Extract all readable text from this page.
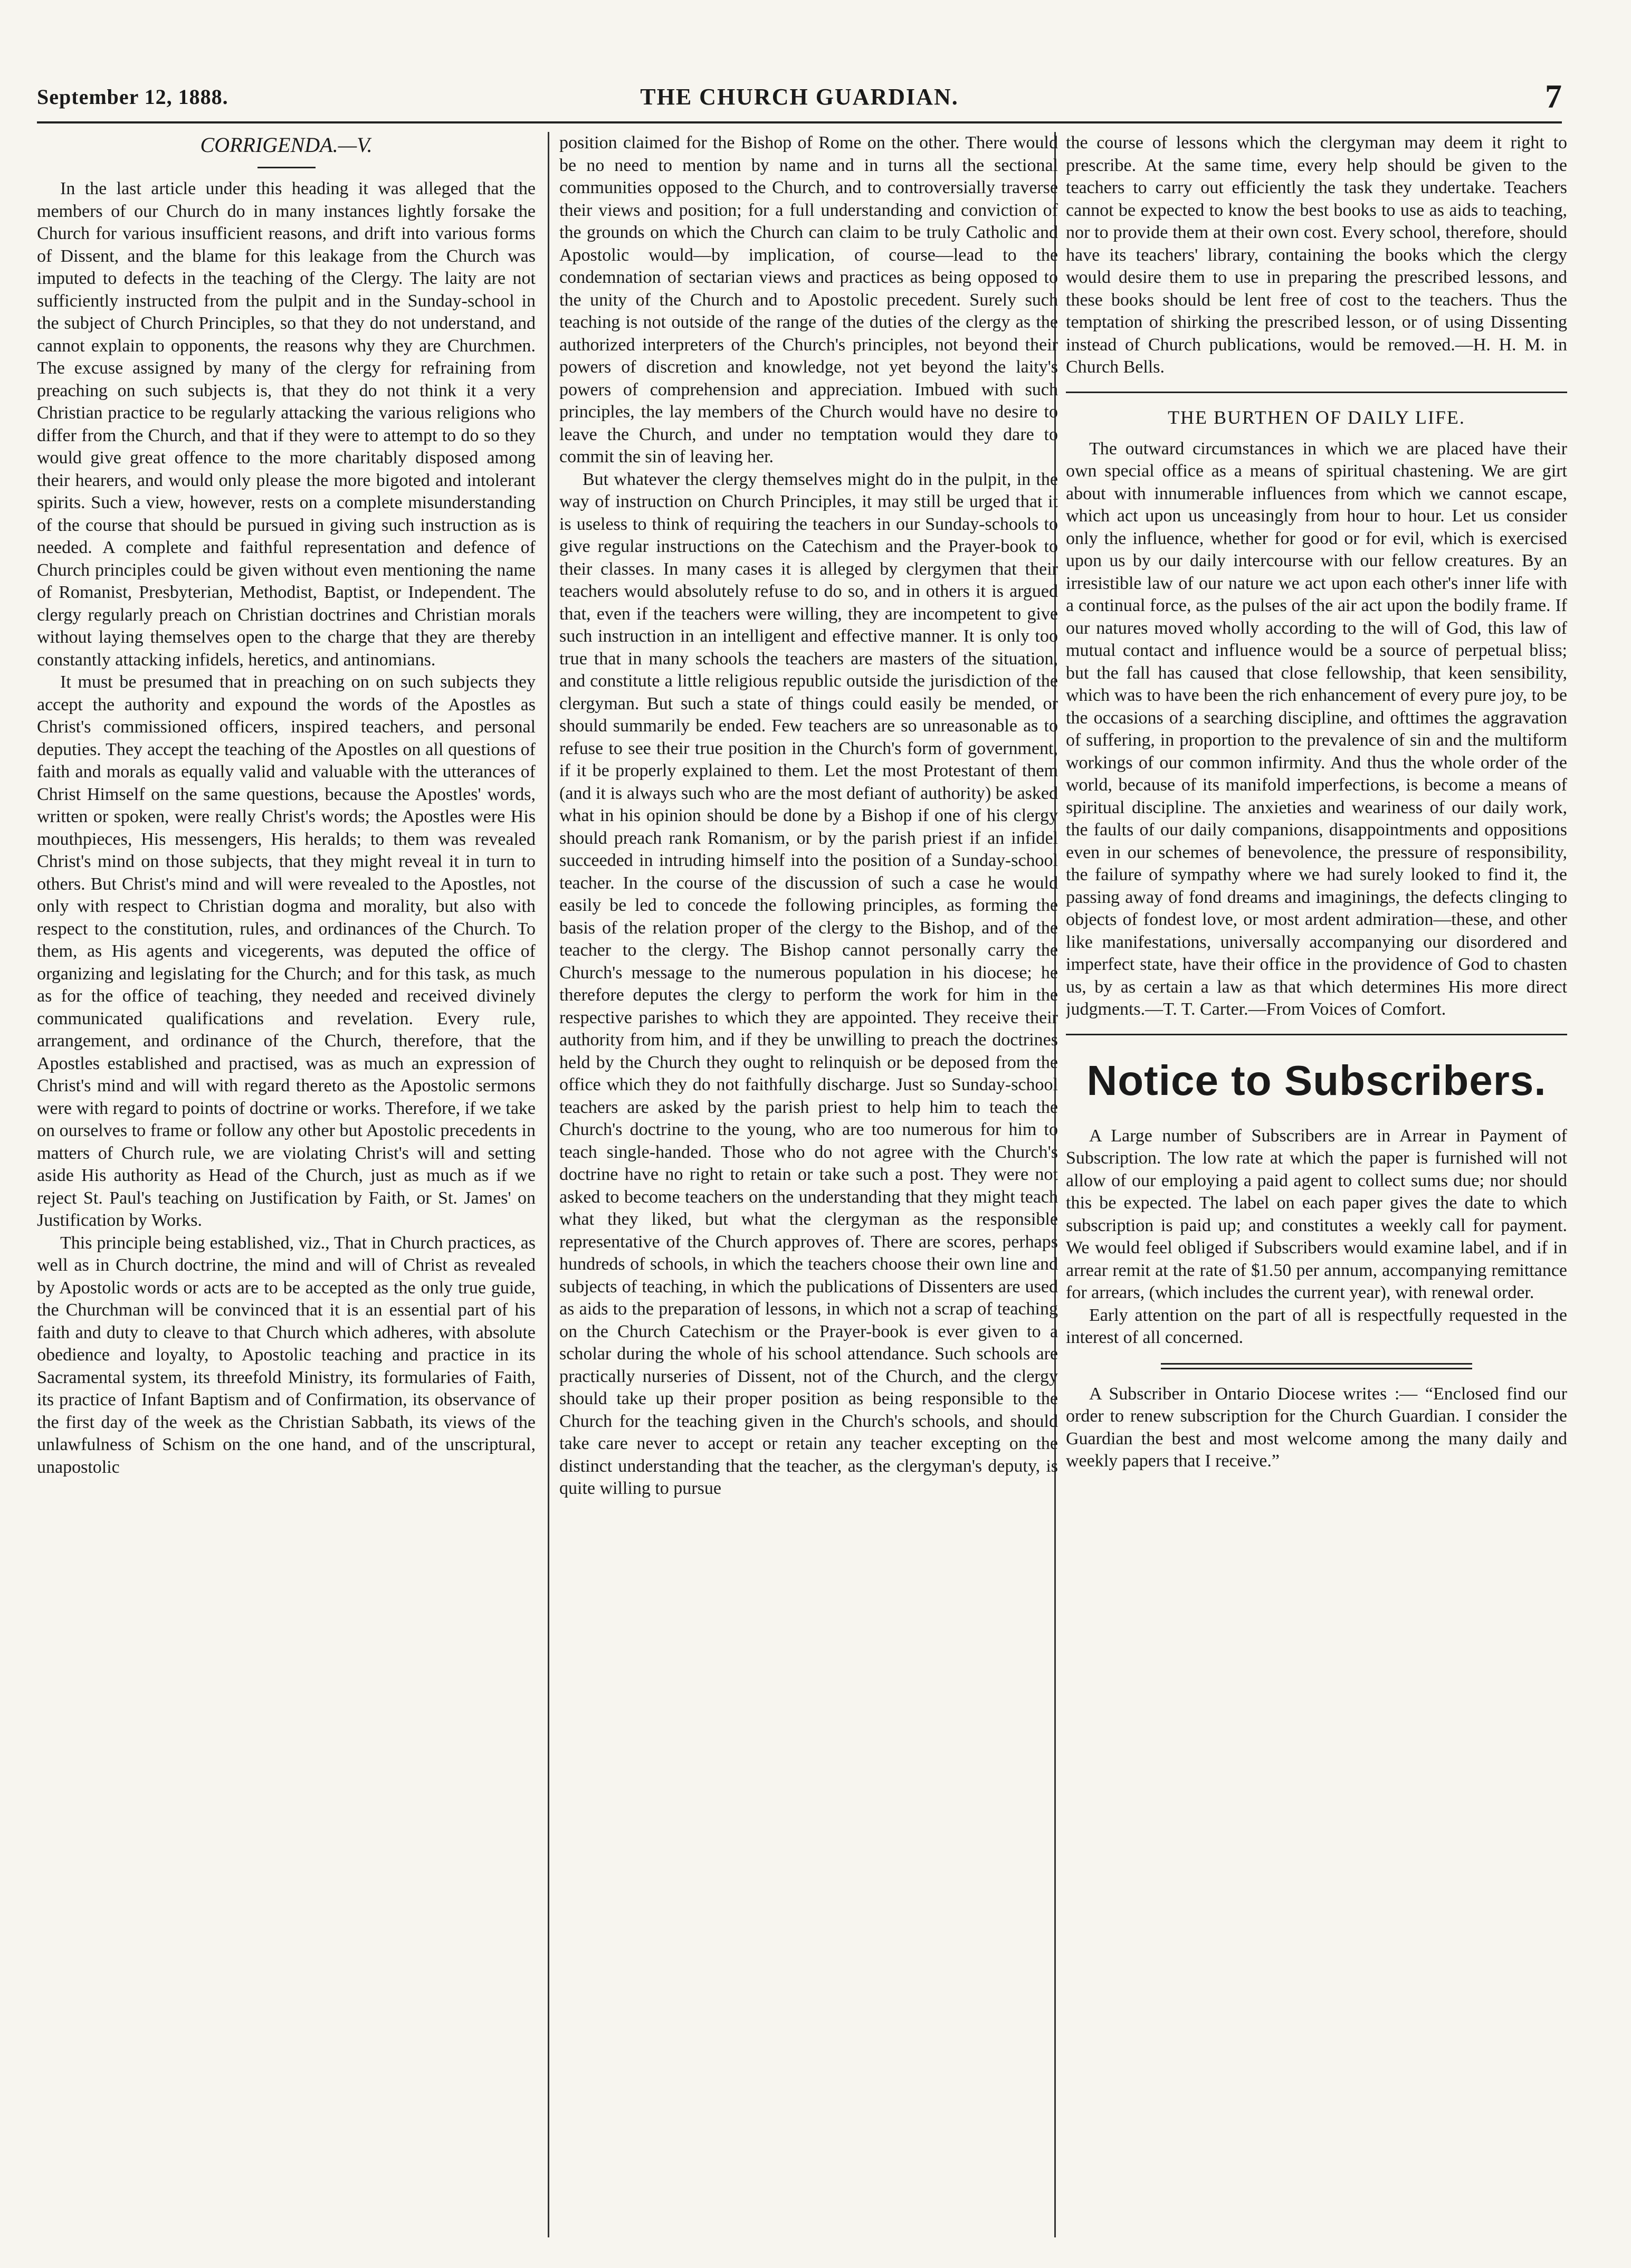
September 12, 1888.	THE CHURCH GUARDIAN.	7
CORRIGENDA.—V.

In the last article under this heading it was alleged that the members of our Church do in many instances lightly forsake the Church for various insufficient reasons, and drift into various forms of Dissent, and the blame for this leakage from the Church was imputed to defects in the teaching of the Clergy. The laity are not sufficiently instructed from the pulpit and in the Sunday-school in the subject of Church Principles, so that they do not understand, and cannot explain to opponents, the reasons why they are Churchmen. The excuse assigned by many of the clergy for refraining from preaching on such subjects is, that they do not think it a very Christian practice to be regularly attacking the various religions who differ from the Church, and that if they were to attempt to do so they would give great offence to the more charitably disposed among their hearers, and would only please the more bigoted and intolerant spirits. Such a view, however, rests on a complete misunderstanding of the course that should be pursued in giving such instruction as is needed. A complete and faithful representation and defence of Church principles could be given without even mentioning the name of Romanist, Presbyterian, Methodist, Baptist, or Independent. The clergy regularly preach on Christian doctrines and Christian morals without laying themselves open to the charge that they are thereby constantly attacking infidels, heretics, and antinomians.

It must be presumed that in preaching on on such subjects they accept the authority and expound the words of the Apostles as Christ's commissioned officers, inspired teachers, and personal deputies. They accept the teaching of the Apostles on all questions of faith and morals as equally valid and valuable with the utterances of Christ Himself on the same questions, because the Apostles' words, written or spoken, were really Christ's words; the Apostles were His mouthpieces, His messengers, His heralds; to them was revealed Christ's mind on those subjects, that they might reveal it in turn to others. But Christ's mind and will were revealed to the Apostles, not only with respect to Christian dogma and morality, but also with respect to the constitution, rules, and ordinances of the Church. To them, as His agents and vicegerents, was deputed the office of organizing and legislating for the Church; and for this task, as much as for the office of teaching, they needed and received divinely communicated qualifications and revelation. Every rule, arrangement, and ordinance of the Church, therefore, that the Apostles established and practised, was as much an expression of Christ's mind and will with regard thereto as the Apostolic sermons were with regard to points of doctrine or works. Therefore, if we take on ourselves to frame or follow any other but Apostolic precedents in matters of Church rule, we are violating Christ's will and setting aside His authority as Head of the Church, just as much as if we reject St. Paul's teaching on Justification by Faith, or St. James' on Justification by Works.

This principle being established, viz., That in Church practices, as well as in Church doctrine, the mind and will of Christ as revealed by Apostolic words or acts are to be accepted as the only true guide, the Churchman will be convinced that it is an essential part of his faith and duty to cleave to that Church which adheres, with absolute obedience and loyalty, to Apostolic teaching and practice in its Sacramental system, its threefold Ministry, its formularies of Faith, its practice of Infant Baptism and of Confirmation, its observance of the first day of the week as the Christian Sabbath, its views of the unlawfulness of Schism on the one hand, and of the unscriptural, unapostolic

position claimed for the Bishop of Rome on the other. There would be no need to mention by name and in turns all the sectional communities opposed to the Church, and to controversially traverse their views and position; for a full understanding and conviction of the grounds on which the Church can claim to be truly Catholic and Apostolic would—by implication, of course—lead to the condemnation of sectarian views and practices as being opposed to the unity of the Church and to Apostolic precedent. Surely such teaching is not outside of the range of the duties of the clergy as the authorized interpreters of the Church's principles, not beyond their powers of discretion and knowledge, not yet beyond the laity's powers of comprehension and appreciation. Imbued with such principles, the lay members of the Church would have no desire to leave the Church, and under no temptation would they dare to commit the sin of leaving her.

But whatever the clergy themselves might do in the pulpit, in the way of instruction on Church Principles, it may still be urged that it is useless to think of requiring the teachers in our Sunday-schools to give regular instructions on the Catechism and the Prayer-book to their classes. In many cases it is alleged by clergymen that their teachers would absolutely refuse to do so, and in others it is argued that, even if the teachers were willing, they are incompetent to give such instruction in an intelligent and effective manner. It is only too true that in many schools the teachers are masters of the situation, and constitute a little religious republic outside the jurisdiction of the clergyman. But such a state of things could easily be mended, or should summarily be ended. Few teachers are so unreasonable as to refuse to see their true position in the Church's form of government, if it be properly explained to them. Let the most Protestant of them (and it is always such who are the most defiant of authority) be asked what in his opinion should be done by a Bishop if one of his clergy should preach rank Romanism, or by the parish priest if an infidel succeeded in intruding himself into the position of a Sunday-school teacher. In the course of the discussion of such a case he would easily be led to concede the following principles, as forming the basis of the relation proper of the clergy to the Bishop, and of the teacher to the clergy. The Bishop cannot personally carry the Church's message to the numerous population in his diocese; he therefore deputes the clergy to perform the work for him in the respective parishes to which they are appointed. They receive their authority from him, and if they be unwilling to preach the doctrines held by the Church they ought to relinquish or be deposed from the office which they do not faithfully discharge. Just so Sunday-school teachers are asked by the parish priest to help him to teach the Church's doctrine to the young, who are too numerous for him to teach single-handed. Those who do not agree with the Church's doctrine have no right to retain or take such a post. They were not asked to become teachers on the understanding that they might teach what they liked, but what the clergyman as the responsible representative of the Church approves of. There are scores, perhaps hundreds of schools, in which the teachers choose their own line and subjects of teaching, in which the publications of Dissenters are used as aids to the preparation of lessons, in which not a scrap of teaching on the Church Catechism or the Prayer-book is ever given to a scholar during the whole of his school attendance. Such schools are practically nurseries of Dissent, not of the Church, and the clergy should take up their proper position as being responsible to the Church for the teaching given in the Church's schools, and should take care never to accept or retain any teacher excepting on the distinct understanding that the teacher, as the clergyman's deputy, is quite willing to pursue

the course of lessons which the clergyman may deem it right to prescribe. At the same time, every help should be given to the teachers to carry out efficiently the task they undertake. Teachers cannot be expected to know the best books to use as aids to teaching, nor to provide them at their own cost. Every school, therefore, should have its teachers' library, containing the books which the clergy would desire them to use in preparing the prescribed lessons, and these books should be lent free of cost to the teachers. Thus the temptation of shirking the prescribed lesson, or of using Dissenting instead of Church publications, would be removed.—H. H. M. in Church Bells.

THE BURTHEN OF DAILY LIFE.

The outward circumstances in which we are placed have their own special office as a means of spiritual chastening. We are girt about with innumerable influences from which we cannot escape, which act upon us unceasingly from hour to hour. Let us consider only the influence, whether for good or for evil, which is exercised upon us by our daily intercourse with our fellow creatures. By an irresistible law of our nature we act upon each other's inner life with a continual force, as the pulses of the air act upon the bodily frame. If our natures moved wholly according to the will of God, this law of mutual contact and influence would be a source of perpetual bliss; but the fall has caused that close fellowship, that keen sensibility, which was to have been the rich enhancement of every pure joy, to be the occasions of a searching discipline, and ofttimes the aggravation of suffering, in proportion to the prevalence of sin and the multiform workings of our common infirmity. And thus the whole order of the world, because of its manifold imperfections, is become a means of spiritual discipline. The anxieties and weariness of our daily work, the faults of our daily companions, disappointments and oppositions even in our schemes of benevolence, the pressure of responsibility, the failure of sympathy where we had surely looked to find it, the passing away of fond dreams and imaginings, the defects clinging to objects of fondest love, or most ardent admiration—these, and other like manifestations, universally accompanying our disordered and imperfect state, have their office in the providence of God to chasten us, by as certain a law as that which determines His more direct judgments.—T. T. Carter.—From Voices of Comfort.

Notice to Subscribers.

A Large number of Subscribers are in Arrear in Payment of Subscription. The low rate at which the paper is furnished will not allow of our employing a paid agent to collect sums due; nor should this be expected. The label on each paper gives the date to which subscription is paid up; and constitutes a weekly call for payment. We would feel obliged if Subscribers would examine label, and if in arrear remit at the rate of $1.50 per annum, accompanying remittance for arrears, (which includes the current year), with renewal order.

Early attention on the part of all is respectfully requested in the interest of all concerned.

A Subscriber in Ontario Diocese writes :— “Enclosed find our order to renew subscription for the Church Guardian. I consider the Guardian the best and most welcome among the many daily and weekly papers that I receive.”
